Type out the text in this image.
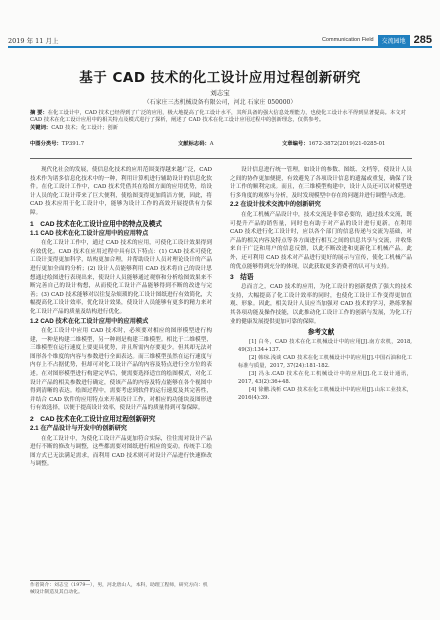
2019 年 11 月上	Communication Field	交流园地 285
基于 CAD 技术的化工设计应用过程创新研究
刘志宝
（石家庄三杰机械设备有限公司，河北 石家庄 050000）
摘 要：在化工设计中，CAD 技术已经得到了广泛的应用，极大地提高了化工设计水平，其所具备的强大信息处理能力，也使化工设计水平得到显著提高。本文对 CAD 技术在化工设计应用中的相关特点及模式进行了探析，阐述了 CAD 技术在化工设计应用过程中的创新理念，仅供参考。
关键词：CAD 技术；化工设计；创新
中图分类号：TP391.7	文献标志码：A	文章编号：1672-3872(2019)21-0285-01

现代化社会的发展，使信息化技术的应用范围变得越来越广泛，CAD 技术作为诸多信息化技术中的一种，利用计算机进行辅助设计的信息化软件。在化工设计工作中，CAD 技术凭借其在绘图方面的应用优势，给设计人员的化工设计带来了巨大便利，使绘图变得更加简洁方便，因此，将 CAD 技术应用于化工设计中，能够为设计工作的高效开展提供有力保障。

1　CAD 技术在化工设计应用中的特点及模式
1.1 CAD 技术在化工设计应用中的应用特点

在化工设计工作中，通过 CAD 技术的应用，可使化工设计效果得到有效优化。CAD 技术在应用过程中具有以下特点：(1) CAD 技术可使化工设计变得更加科学，结构更加合理，并帮助设计人员对理论设计的产品进行更加全面的分析；(2) 设计人员能够利用 CAD 技术将自己的设计思想通过绘图进行表现出来，使设计人员能够通过观察和分析绘图效果来不断完善自己的设计构想，从而使化工设计产品能够得到不断的改进与完善；(3) CAD 技术能够对以往复杂烦琐的化工设计图纸进行有效简化，大幅提高化工设计效率，优化设计效果，使设计人员能够有更多的精力来对化工设计产品的质量及结构进行优化。

1.2 CAD 技术在化工设计应用中的应用模式

在化工设计中应用 CAD 技术时，必须要对相应的图形模型进行构建，一种是构建二维模型，另一种则是构建三维模型。相比于二维模型，三维模型在运行速度上要更具优势，并且所需内存要更少。但其却无法对图形各个维度的内容与参数进行全面表达。而三维模型虽然在运行速度与内存上不占据优势，但却可对化工设计产品的内容及特点进行全方位的表述。在对图形模型进行构建完毕后，便需要选择适宜的绘图模式，对化工设计产品的相关参数进行确定，使该产品的内容及特点能够在各个视图中得到清晰的表达。绘图过程中，需要考虑到软件的运行速度及其完善性，并结合 CAD 软件的应用特点来开展设计工作，对相应的功能块及图形进行有效选择，以便于提高设计效率，使设计产品的质量得到可靠保障。

2　CAD 技术在化工设计应用过程创新研究
2.1 在产品设计与开发中的创新研究

在化工设计中，为使化工设计产品更加符合实际，往往需对设计产品进行不断的修改与调整，这些都需要对图纸进行相应的变动。传统手工绘图方式已无法满足需求，而利用 CAD 技术则可对设计产品进行快速修改与调整。

设计信息进行统一管理，如设计的参数、图纸、文档等，使设计人员之间的协作更加便捷，有效避免了各项设计信息的遗漏或重复，确保了设计工作的顺利完成。而且，在三维模型构建中，设计人员还可以对模型进行多角度的观察与分析，及时发现模型中存在的问题并进行调整与改进。

2.2 在设计技术交流中的创新研究

在化工机械产品设计中，技术交流是非常必要的，通过技术交流，既可提升产品的销售量，同时也有助于对产品的设计进行更新。在利用 CAD 技术进行化工设计时，应以各个部门的信息传递与交流为基础，对产品的相关内容及特点等各方面进行相互之间的信息共享与交流，并收集来自于广泛和用户的信息反馈，以此不断改进和更新化工机械产品。此外，还可利用 CAD 技术对产品进行更好的展示与宣传，使化工机械产品的优点能够得到充分的体现，以此获取更多消费者的认可与支持。

3　结语

总而言之，CAD 技术的应用，为化工设计的创新提供了强大的技术支持，大幅提高了化工设计效率的同时，也使化工设计工作变得更加直观、形象。因此，相关设计人员应当加强对 CAD 技术的学习，熟练掌握其各项功能及操作技能，以此推动化工设计工作的创新与发展，为化工行业的健康发展提供更加可靠的保障。

参考文献

[1] 白冬，CAD 技术在化工机械设计中的应用[J].南方农机，2018, 49(3):134+137.

[2] 韩琼.浅谈 CAD 技术在化工机械设计中的应用[J].中国石油和化工标准与质量，2017, 37(24):181-182.

[3] 冯永.CAD 技术在化工机械设计中的应用[J].化工设计通讯，2017, 43(2):36+48.

[4] 徐鹏.浅析 CAD 技术在化工机械设计中的应用[J].山东工业技术，2016(4):39.

作者简介：刘志宝（1979—），男，河北唐山人，本科，助理工程师，研究方向：机械设计制造及其自动化。
